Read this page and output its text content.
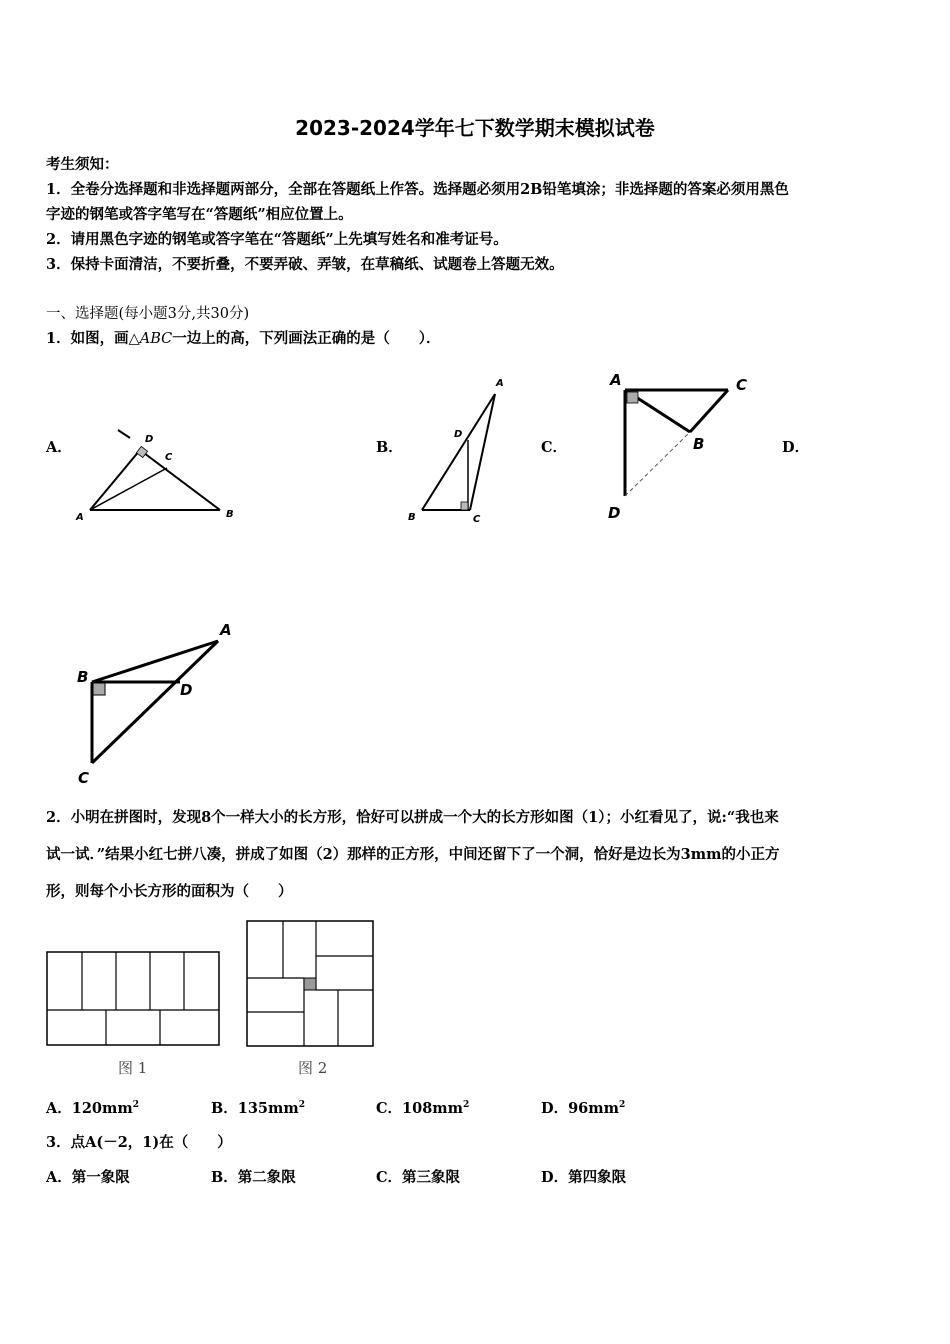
2023-2024学年七下数学期末模拟试卷
考生须知：
1．全卷分选择题和非选择题两部分，全部在答题纸上作答。选择题必须用2B铅笔填涂；非选择题的答案必须用黑色
字迹的钢笔或答字笔写在“答题纸”相应位置上。
2．请用黑色字迹的钢笔或答字笔在“答题纸”上先填写姓名和准考证号。
3．保持卡面清洁，不要折叠，不要弄破、弄皱，在草稿纸、试题卷上答题无效。
一、选择题(每小题3分,共30分)
1．如图，画△ABC一边上的高，下列画法正确的是（　　）．
A．	B．	C．	D．
A	B
C
D
A
B	C
D
A
B
C
D
A
B
C
D
2．小明在拼图时，发现8个一样大小的长方形，恰好可以拼成一个大的长方形如图（1）；小红看见了，说:“我也来
试一试．”结果小红七拼八凑，拼成了如图（2）那样的正方形，中间还留下了一个洞，恰好是边长为3mm的小正方
形，则每个小长方形的面积为（　　）
图 1	图 2
A．$120mm^2$	B．$135mm^2$	C．$108mm^2$	D．$96mm^2$
3．点A(－2，1)在（　　）
A．第一象限	B．第二象限	C．第三象限	D．第四象限
